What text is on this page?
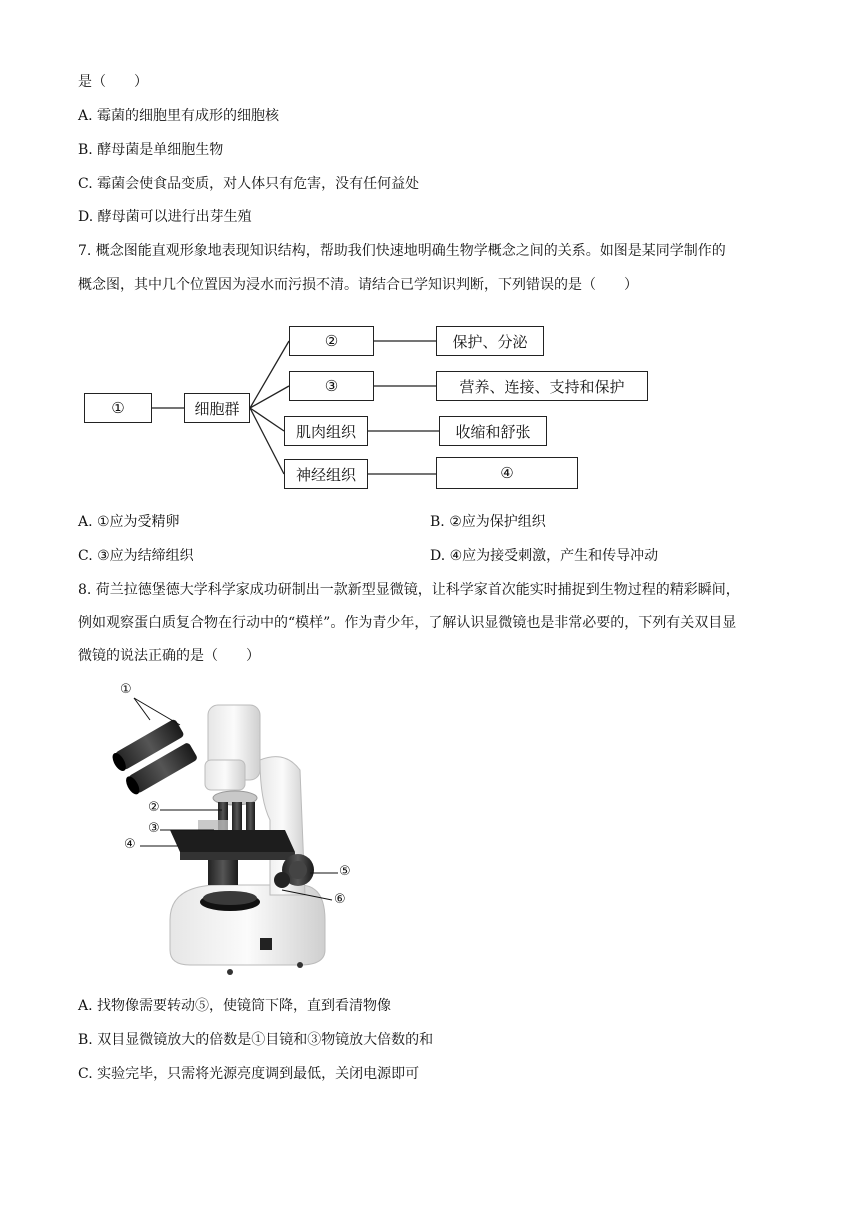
是（　　）
A. 霉菌的细胞里有成形的细胞核
B. 酵母菌是单细胞生物
C. 霉菌会使食品变质，对人体只有危害，没有任何益处
D. 酵母菌可以进行出芽生殖
7. 概念图能直观形象地表现知识结构，帮助我们快速地明确生物学概念之间的关系。如图是某同学制作的
概念图，其中几个位置因为浸水而污损不清。请结合已学知识判断，下列错误的是（　　）
①	细胞群
②
③
肌肉组织
神经组织
保护、分泌
营养、连接、支持和保护
收缩和舒张
④
A. ①应为受精卵	B. ②应为保护组织
C. ③应为结缔组织	D. ④应为接受刺激，产生和传导冲动
8. 荷兰拉德堡德大学科学家成功研制出一款新型显微镜，让科学家首次能实时捕捉到生物过程的精彩瞬间，
例如观察蛋白质复合物在行动中的“模样”。作为青少年，了解认识显微镜也是非常必要的，下列有关双目显
微镜的说法正确的是（　　）
①
②
③
④
⑤
⑥
A. 找物像需要转动⑤，使镜筒下降，直到看清物像
B. 双目显微镜放大的倍数是①目镜和③物镜放大倍数的和
C. 实验完毕，只需将光源亮度调到最低，关闭电源即可
